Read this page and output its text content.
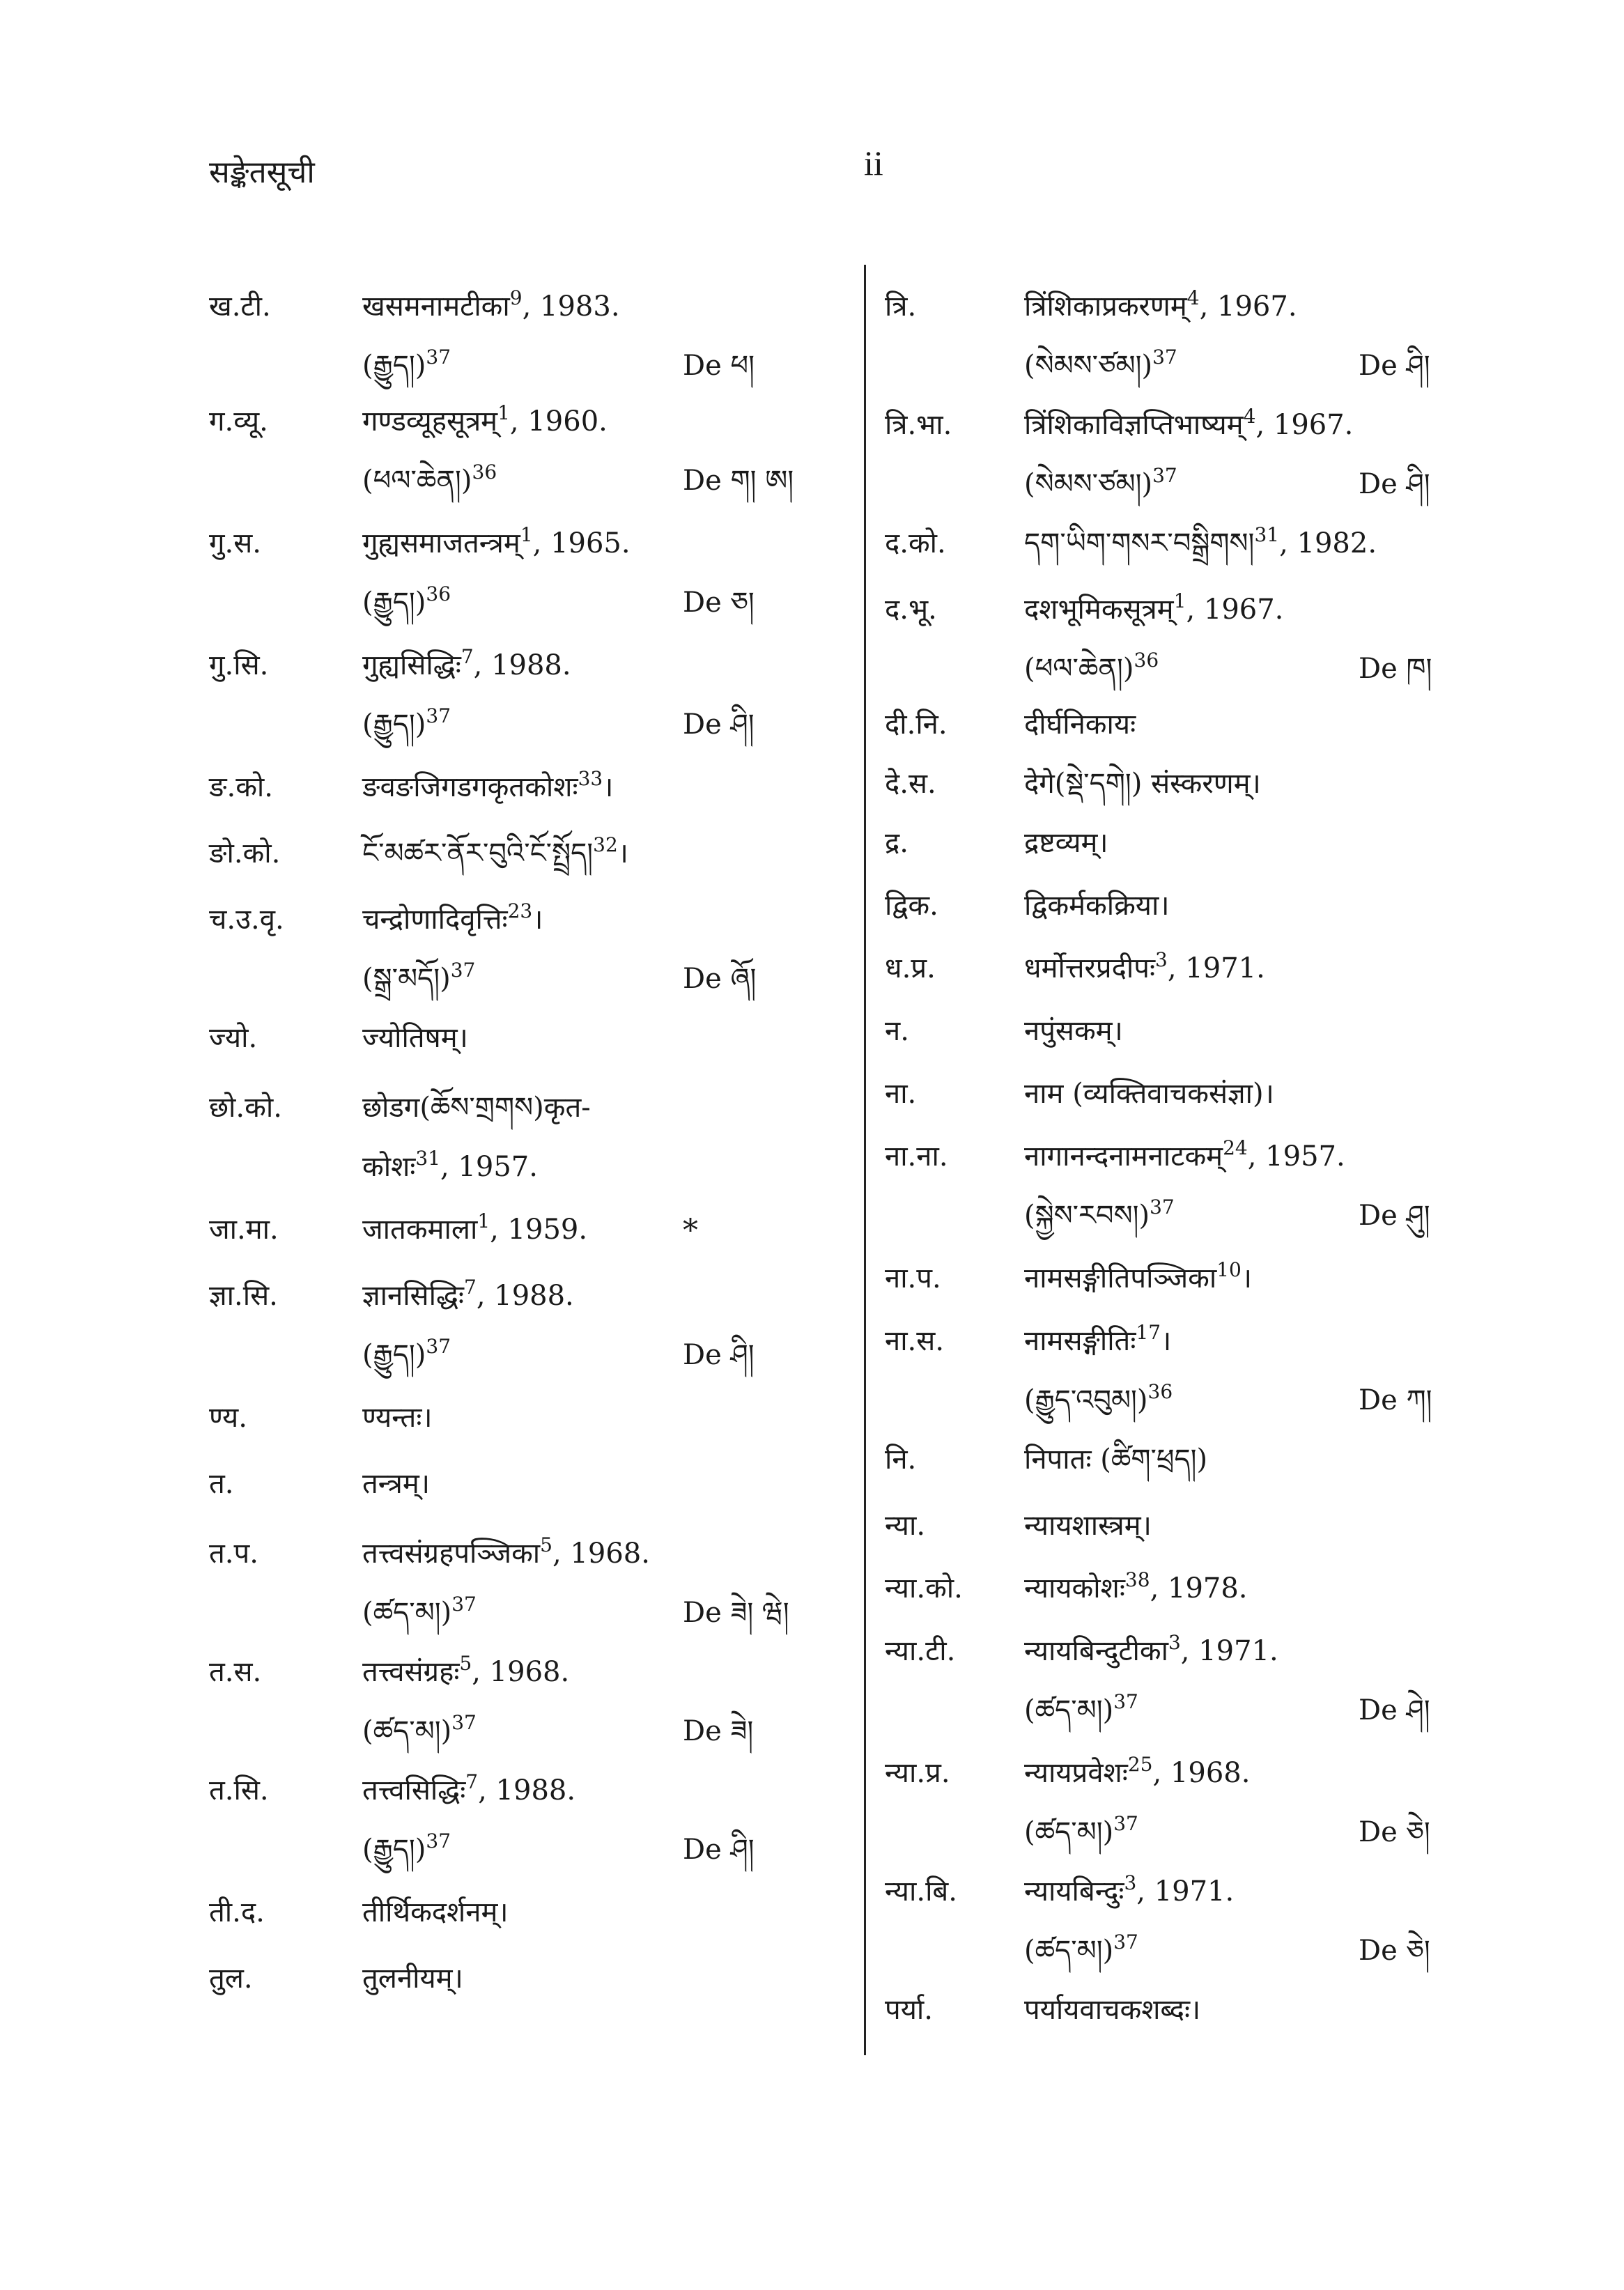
सङ्केतसूची	ii
ख.टी.	खसमनामटीका$^9$, 1983.
(རྒྱུད།)$^{37}$	De ཕ།
ग.व्यू.	गण्डव्यूहसूत्रम्$^1$, 1960.
(ཕལ་ཆེན།)$^{36}$	De ག། ཨ།
गु.स.	गुह्यसमाजतन्त्रम्$^1$, 1965.
(རྒྱུད།)$^{36}$	De ཅ།
गु.सि.	गुह्यसिद्धिः$^7$, 1988.
(རྒྱུད།)$^{37}$	De ཤི།
ङ.को.	ङवङजिगडगकृतकोशः$^{33}$।
ङो.को.	ངོ་མཚར་ནོར་བུའི་ངོ་སྤྲོད།$^{32}$।
च.उ.वृ.	चन्द्रोणादिवृत्तिः$^{23}$।
(སྒྲ་མདོ།)$^{37}$	De ཞོ།
ज्यो.	ज्योतिषम्।
छो.को.	छोडग(ཆོས་གྲགས)कृत-
कोशः$^{31}$, 1957.
जा.मा.	जातकमाला$^1$, 1959.	*
ज्ञा.सि.	ज्ञानसिद्धिः$^7$, 1988.
(རྒྱུད།)$^{37}$	De ཤི།
ण्य.	ण्यन्तः।
त.	तन्त्रम्।
त.प.	तत्त्वसंग्रहपञ्जिका$^5$, 1968.
(ཚད་མ།)$^{37}$	De ཟེ། ཝེ།
त.स.	तत्त्वसंग्रहः$^5$, 1968.
(ཚད་མ།)$^{37}$	De ཟེ།
त.सि.	तत्त्वसिद्धिः$^7$, 1988.
(རྒྱུད།)$^{37}$	De ཤི།
ती.द.	तीर्थिकदर्शनम्।
तुल.	तुलनीयम्।
त्रि.	त्रिंशिकाप्रकरणम्$^4$, 1967.
(སེམས་ཙམ།)$^{37}$	De ཤི།
त्रि.भा.	त्रिंशिकाविज्ञप्तिभाष्यम्$^4$, 1967.
(སེམས་ཙམ།)$^{37}$	De ཤི།
द.को.	དག་ཡིག་གསར་བསྒྲིགས།$^{31}$, 1982.
द.भू.	दशभूमिकसूत्रम्$^1$, 1967.
(ཕལ་ཆེན།)$^{36}$	De ཁ།
दी.नि.	दीर्घनिकायः
दे.स.	देगे(སྡེ་དགེ།) संस्करणम्।
द्र.	द्रष्टव्यम्।
द्विक.	द्विकर्मकक्रिया।
ध.प्र.	धर्मोत्तरप्रदीपः$^3$, 1971.
न.	नपुंसकम्।
ना.	नाम (व्यक्तिवाचकसंज्ञा)।
ना.ना.	नागानन्दनामनाटकम्$^{24}$, 1957.
(སྐྱེས་རབས།)$^{37}$	De ཤུ།
ना.प.	नामसङ्गीतिपञ्जिका$^{10}$।
ना.स.	नामसङ्गीतिः$^{17}$।
(རྒྱུད་འབུམ།)$^{36}$	De ཀ།
नि.	निपातः (ཚིག་ཕྲད།)
न्या.	न्यायशास्त्रम्।
न्या.को. न्यायकोशः$^{38}$, 1978.
न्या.टी. न्यायबिन्दुटीका$^3$, 1971.
(ཚད་མ།)$^{37}$	De ཤེ།
न्या.प्र.	न्यायप्रवेशः$^{25}$, 1968.
(ཚད་མ།)$^{37}$	De ཅེ།
न्या.बि. न्यायबिन्दुः$^3$, 1971.
(ཚད་མ།)$^{37}$	De ཅེ།
पर्या.	पर्यायवाचकशब्दः।
